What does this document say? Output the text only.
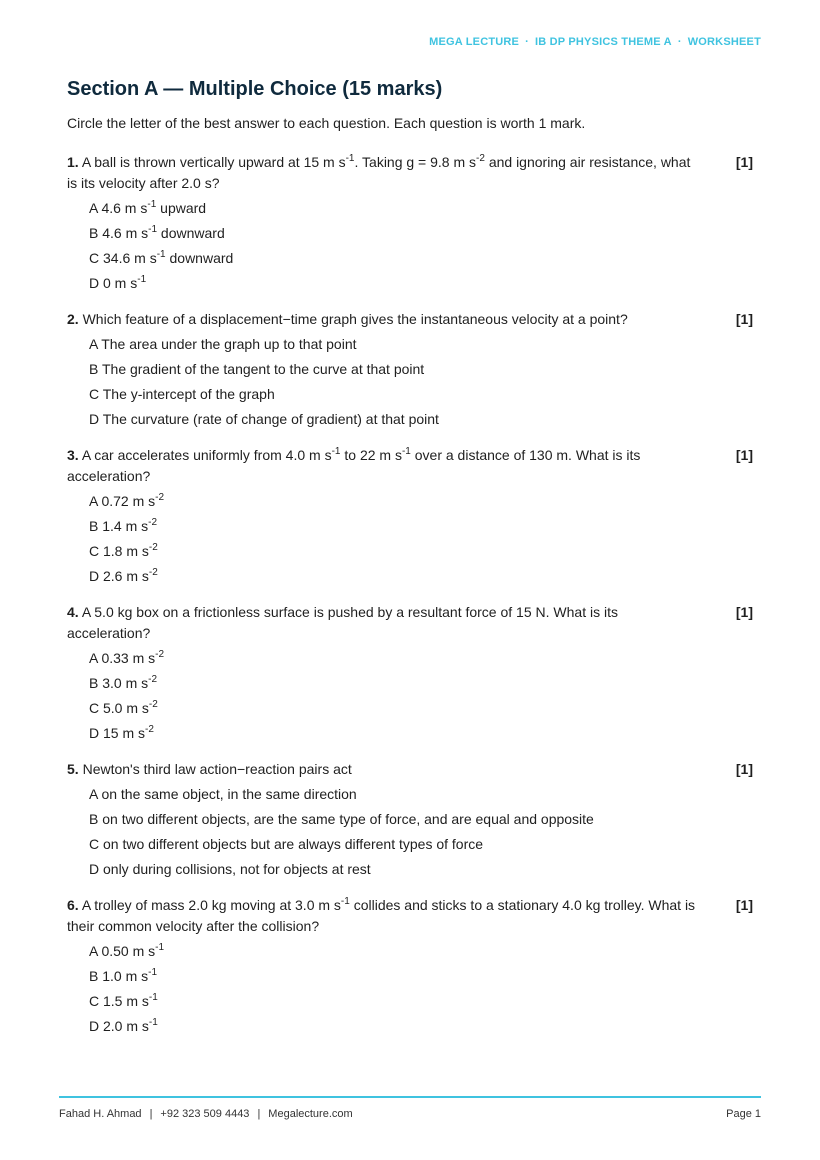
MEGA LECTURE · IB DP PHYSICS THEME A · WORKSHEET
Section A — Multiple Choice (15 marks)
Circle the letter of the best answer to each question. Each question is worth 1 mark.
1. A ball is thrown vertically upward at 15 m $s^{-1}$. Taking g = 9.8 m $s^{-2}$ and ignoring air resistance, what is its velocity after 2.0 s?
[1]
A 4.6 m $s^{-1}$ upward
B 4.6 m $s^{-1}$ downward
C 34.6 m $s^{-1}$ downward
D 0 m $s^{-1}$
2. Which feature of a displacement−time graph gives the instantaneous velocity at a point?	[1]
A The area under the graph up to that point
B The gradient of the tangent to the curve at that point
C The y-intercept of the graph
D The curvature (rate of change of gradient) at that point
3. A car accelerates uniformly from 4.0 m $s^{-1}$ to 22 m $s^{-1}$ over a distance of 130 m. What is its acceleration?
[1]
A 0.72 m $s^{-2}$
B 1.4 m $s^{-2}$
C 1.8 m $s^{-2}$
D 2.6 m $s^{-2}$
4. A 5.0 kg box on a frictionless surface is pushed by a resultant force of 15 N. What is its acceleration?
[1]
A 0.33 m $s^{-2}$
B 3.0 m $s^{-2}$
C 5.0 m $s^{-2}$
D 15 m $s^{-2}$
5. Newton's third law action−reaction pairs act	[1]
A on the same object, in the same direction
B on two different objects, are the same type of force, and are equal and opposite
C on two different objects but are always different types of force
D only during collisions, not for objects at rest
6. A trolley of mass 2.0 kg moving at 3.0 m $s^{-1}$ collides and sticks to a stationary 4.0 kg trolley. What is their common velocity after the collision?
[1]
A 0.50 m $s^{-1}$
B 1.0 m $s^{-1}$
C 1.5 m $s^{-1}$
D 2.0 m $s^{-1}$
Fahad H. Ahmad | +92 323 509 4443 | Megalecture.com	Page 1
